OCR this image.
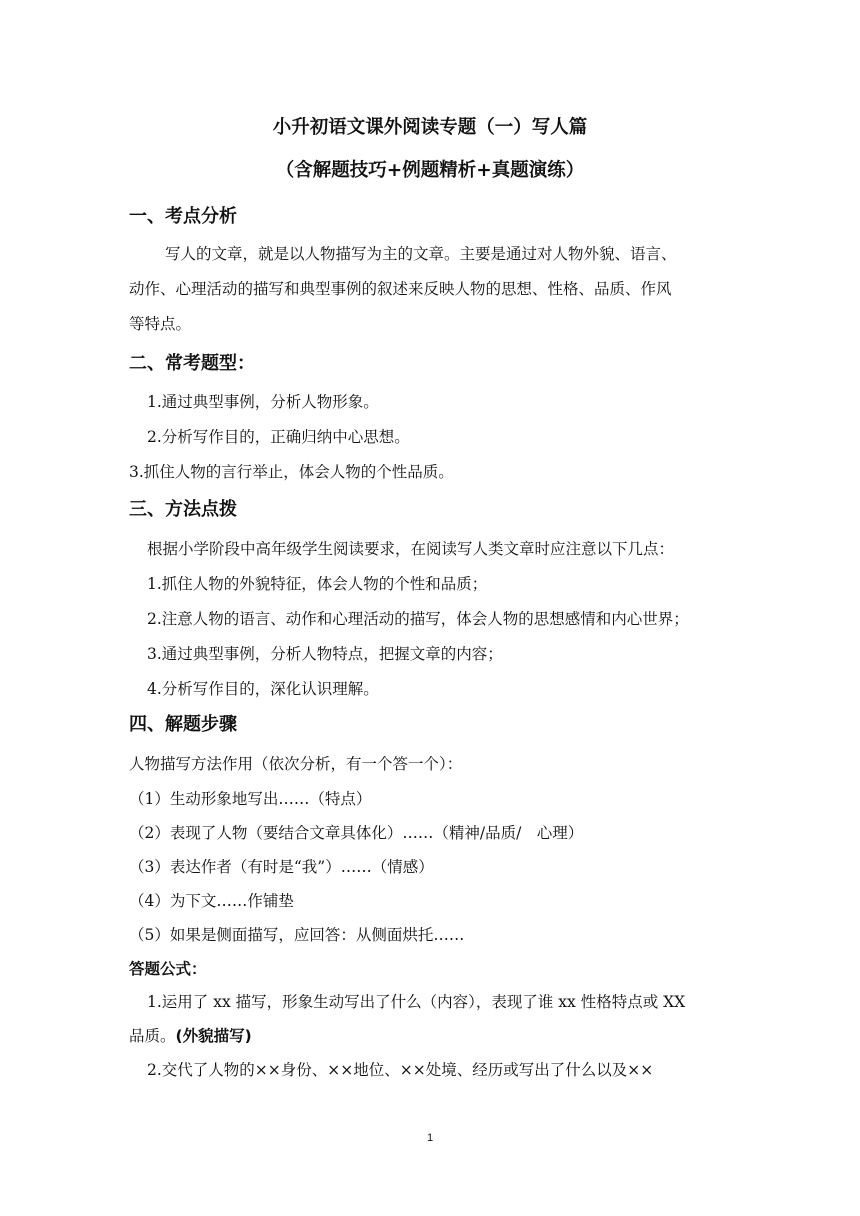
小升初语文课外阅读专题（一）写人篇
（含解题技巧+例题精析+真题演练）
一、考点分析
写人的文章，就是以人物描写为主的文章。主要是通过对人物外貌、语言、
动作、心理活动的描写和典型事例的叙述来反映人物的思想、性格、品质、作风
等特点。
二、常考题型：
1.通过典型事例，分析人物形象。
2.分析写作目的，正确归纳中心思想。
3.抓住人物的言行举止，体会人物的个性品质。
三、方法点拨
根据小学阶段中高年级学生阅读要求，在阅读写人类文章时应注意以下几点：
1.抓住人物的外貌特征，体会人物的个性和品质；
2.注意人物的语言、动作和心理活动的描写，体会人物的思想感情和内心世界；
3.通过典型事例，分析人物特点，把握文章的内容；
4.分析写作目的，深化认识理解。
四、解题步骤
人物描写方法作用（依次分析，有一个答一个）：
（1）生动形象地写出……（特点）
（2）表现了人物（要结合文章具体化）……（精神/品质/　心理）
（3）表达作者（有时是“我”）……（情感）
（4）为下文……作铺垫
（5）如果是侧面描写，应回答：从侧面烘托……
答题公式：
1.运用了 xx 描写，形象生动写出了什么（内容），表现了谁 xx 性格特点或 XX
品质。(外貌描写)
2.交代了人物的××身份、××地位、××处境、经历或写出了什么以及××
1
